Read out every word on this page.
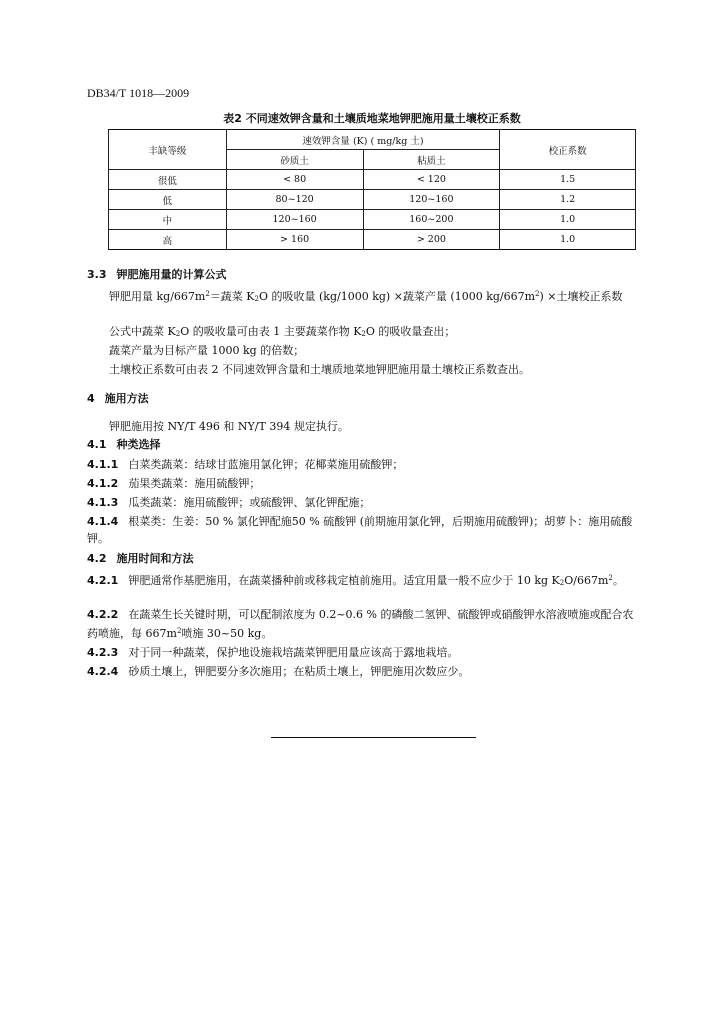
DB34/T 1018—2009
表2 不同速效钾含量和土壤质地菜地钾肥施用量土壤校正系数
丰缺等级	速效钾含量 (K) ( mg/kg 土)		校正系数
	砂质土	粘质土	
很低	< 80	< 120	1.5
低	80~120	120~160	1.2
中	120~160	160~200	1.0
高	> 160	> 200	1.0
3.3 钾肥施用量的计算公式
钾肥用量 $kg/667m^2=$蔬菜 $K_2O$ 的吸收量 (kg/1000 kg) ×蔬菜产量 (1000 $kg/667m^2$) ×土壤校正系数
公式中蔬菜 $K_2O$ 的吸收量可由表 1 主要蔬菜作物 $K_2O$ 的吸收量查出；
蔬菜产量为目标产量 1000 kg 的倍数；
土壤校正系数可由表 2 不同速效钾含量和土壤质地菜地钾肥施用量土壤校正系数查出。
4 施用方法
钾肥施用按 NY/T 496 和 NY/T 394 规定执行。
4.1 种类选择
4.1.1 白菜类蔬菜：结球甘蓝施用氯化钾；花椰菜施用硫酸钾；
4.1.2 茄果类蔬菜：施用硫酸钾；
4.1.3 瓜类蔬菜：施用硫酸钾；或硫酸钾、氯化钾配施；
4.1.4 根菜类：生姜：50 % 氯化钾配施50 % 硫酸钾 (前期施用氯化钾，后期施用硫酸钾)；胡萝卜：施用硫酸钾。
4.2 施用时间和方法
4.2.1 钾肥通常作基肥施用，在蔬菜播种前或移栽定植前施用。适宜用量一般不应少于 10 kg $K_2O/667m^2$。
4.2.2 在蔬菜生长关键时期，可以配制浓度为 0.2~0.6 % 的磷酸二氢钾、硫酸钾或硝酸钾水溶液喷施或配合农药喷施，每 $667m^2$喷施 30~50 kg。
4.2.3 对于同一种蔬菜，保护地设施栽培蔬菜钾肥用量应该高于露地栽培。
4.2.4 砂质土壤上，钾肥要分多次施用；在粘质土壤上，钾肥施用次数应少。
